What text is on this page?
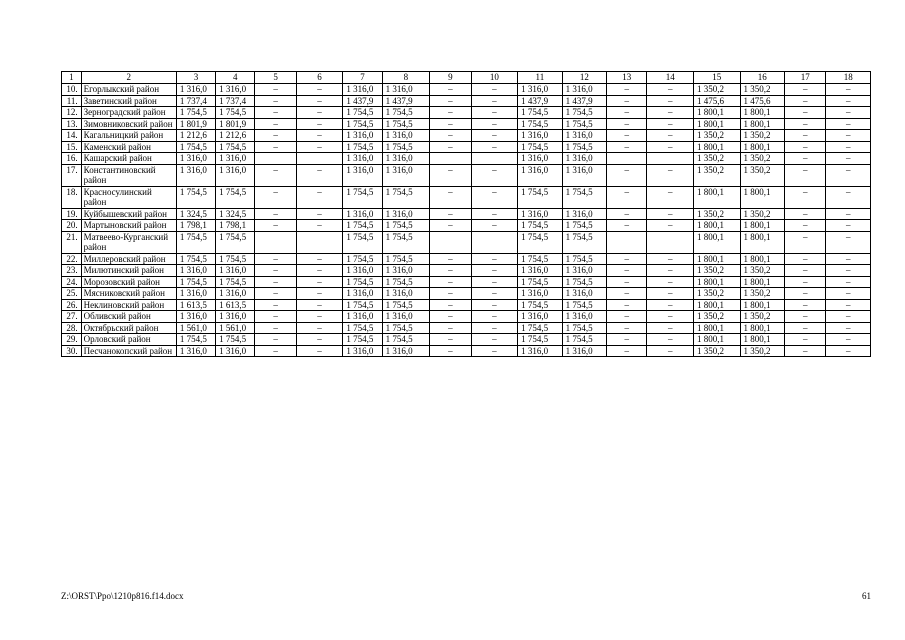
1	2	3	4	5	6	7	8	9	10	11	12	13	14	15	16	17	18
10.	Егорлыкский район	1 316,0	1 316,0	–	–	1 316,0	1 316,0	–	–	1 316,0	1 316,0	–	–	1 350,2	1 350,2	–	–
11.	Заветинский район	1 737,4	1 737,4	–	–	1 437,9	1 437,9	–	–	1 437,9	1 437,9	–	–	1 475,6	1 475,6	–	–
12.	Зерноградский район	1 754,5	1 754,5	–	–	1 754,5	1 754,5	–	–	1 754,5	1 754,5	–	–	1 800,1	1 800,1	–	–
13.	Зимовниковский район	1 801,9	1 801,9	–	–	1 754,5	1 754,5	–	–	1 754,5	1 754,5	–	–	1 800,1	1 800,1	–	–
14.	Кагальницкий район	1 212,6	1 212,6	–	–	1 316,0	1 316,0	–	–	1 316,0	1 316,0	–	–	1 350,2	1 350,2	–	–
15.	Каменский район	1 754,5	1 754,5	–	–	1 754,5	1 754,5	–	–	1 754,5	1 754,5	–	–	1 800,1	1 800,1	–	–
16.	Кашарский район	1 316,0	1 316,0			1 316,0	1 316,0			1 316,0	1 316,0			1 350,2	1 350,2	–	–
17.	Константиновский район	1 316,0	1 316,0	–	–	1 316,0	1 316,0	–	–	1 316,0	1 316,0	–	–	1 350,2	1 350,2	–	–
18.	Красносулинский район	1 754,5	1 754,5	–	–	1 754,5	1 754,5	–	–	1 754,5	1 754,5	–	–	1 800,1	1 800,1	–	–
19.	Куйбышевский район	1 324,5	1 324,5	–	–	1 316,0	1 316,0	–	–	1 316,0	1 316,0	–	–	1 350,2	1 350,2	–	–
20.	Мартыновский район	1 798,1	1 798,1	–	–	1 754,5	1 754,5	–	–	1 754,5	1 754,5	–	–	1 800,1	1 800,1	–	–
21.	Матвеево-Курганский район	1 754,5	1 754,5			1 754,5	1 754,5			1 754,5	1 754,5			1 800,1	1 800,1	–	–
22.	Миллеровский район	1 754,5	1 754,5	–	–	1 754,5	1 754,5	–	–	1 754,5	1 754,5	–	–	1 800,1	1 800,1	–	–
23.	Милютинский район	1 316,0	1 316,0	–	–	1 316,0	1 316,0	–	–	1 316,0	1 316,0	–	–	1 350,2	1 350,2	–	–
24.	Морозовский район	1 754,5	1 754,5	–	–	1 754,5	1 754,5	–	–	1 754,5	1 754,5	–	–	1 800,1	1 800,1	–	–
25.	Мясниковский район	1 316,0	1 316,0	–	–	1 316,0	1 316,0	–	–	1 316,0	1 316,0	–	–	1 350,2	1 350,2	–	–
26.	Неклиновский район	1 613,5	1 613,5	–	–	1 754,5	1 754,5	–	–	1 754,5	1 754,5	–	–	1 800,1	1 800,1	–	–
27.	Обливский район	1 316,0	1 316,0	–	–	1 316,0	1 316,0	–	–	1 316,0	1 316,0	–	–	1 350,2	1 350,2	–	–
28.	Октябрьский район	1 561,0	1 561,0	–	–	1 754,5	1 754,5	–	–	1 754,5	1 754,5	–	–	1 800,1	1 800,1	–	–
29.	Орловский район	1 754,5	1 754,5	–	–	1 754,5	1 754,5	–	–	1 754,5	1 754,5	–	–	1 800,1	1 800,1	–	–
30.	Песчанокопский район	1 316,0	1 316,0	–	–	1 316,0	1 316,0	–	–	1 316,0	1 316,0	–	–	1 350,2	1 350,2	–	–
Z:\ORST\Ppo\1210p816.f14.docx	61
